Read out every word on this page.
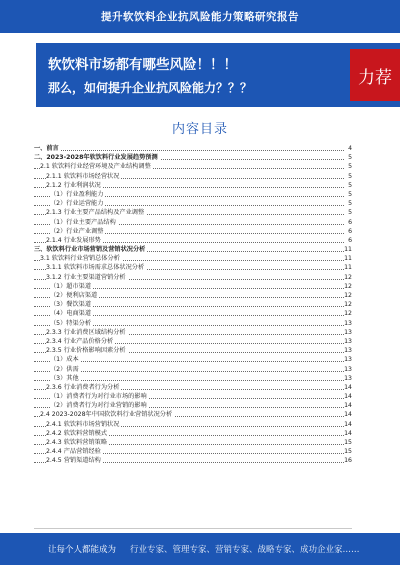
提升软饮料企业抗风险能力策略研究报告
软饮料市场都有哪些风险！！！
那么，如何提升企业抗风险能力？？？
力荐
内容目录
一、前言	4
二、2023-2028年软饮料行业发展趋势预测	5
2.1 软饮料行业经营环境及产业结构调整	5
2.1.1 软饮料市场经营状况	5
2.1.2 行业利润状况	5
（1）行业盈利能力	5
（2）行业运营能力	5
2.1.3 行业主要产品结构及产业调整	5
（1）行业主要产品结构	6
（2）行业产业调整	6
2.1.4 行业发展形势	6
三、软饮料行业市场营销及营销状况分析	11
3.1 软饮料行业营销总体分析	11
3.1.1 软饮料市场需求总体状况分析	11
3.1.2 行业主要渠道营销分析	12
（1）超市渠道	12
（2）便利店渠道	12
（3）餐饮渠道	12
（4）电商渠道	12
（5）特渠分析	13
2.3.3 行业消费区域结构分析	13
2.3.4 行业产品价格分析	13
2.3.5 行业价格影响因素分析	13
（1）成本	13
（2）供需	13
（3）其他	13
2.3.6 行业消费者行为分析	14
（1）消费者行为对行业市场的影响	14
（2）消费者行为对行业营销的影响	14
2.4 2023-2028年中国软饮料行业营销状况分析	14
2.4.1 软饮料市场营销状况	14
2.4.2 软饮料营销模式	14
2.4.3 软饮料营销策略	15
2.4.4 产品营销经验	15
2.4.5 营销渠道结构	16
让每个人都能成为 行业专家、管理专家、营销专家、战略专家、成功企业家……
